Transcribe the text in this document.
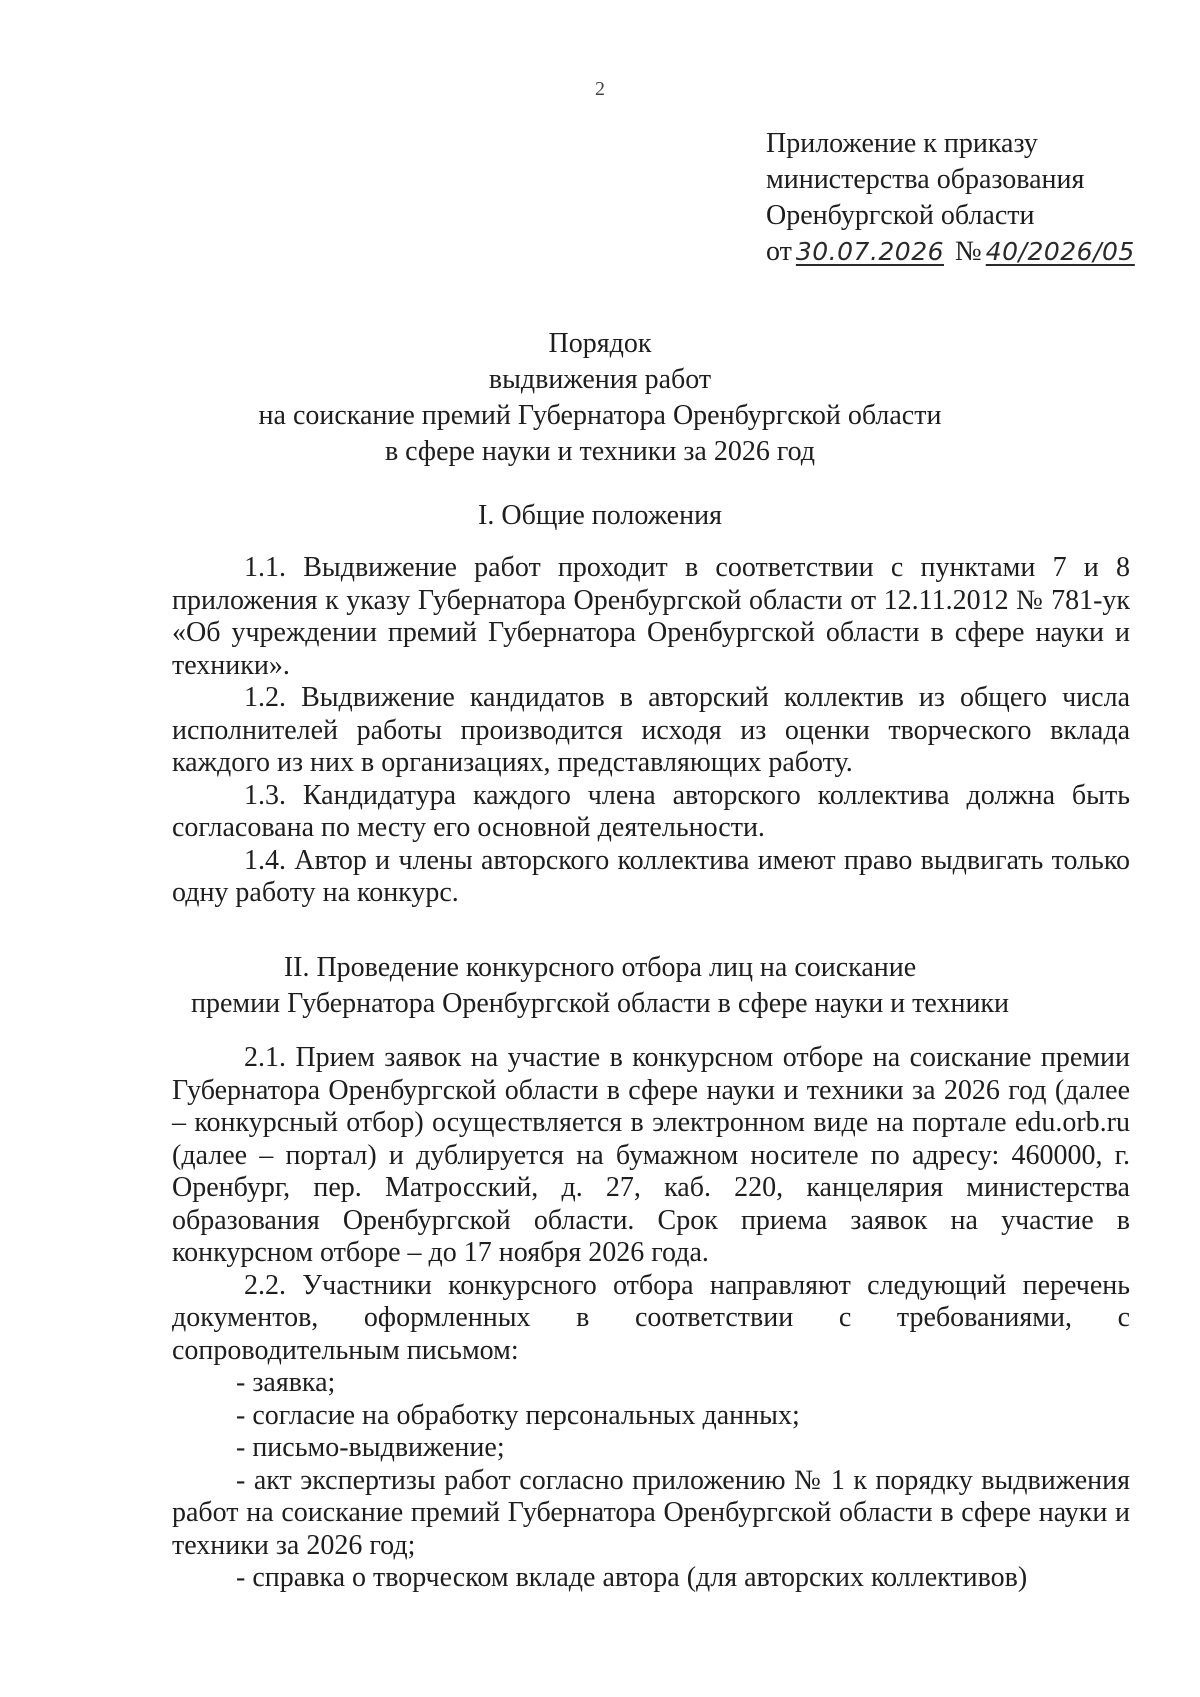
2
Приложение к приказу
министерства образования
Оренбургской области
от 30.07.2026 № 40/2026/05
Порядок
выдвижения работ
на соискание премий Губернатора Оренбургской области
в сфере науки и техники за 2026 год
I. Общие положения

1.1. Выдвижение работ проходит в соответствии с пунктами 7 и 8 приложения к указу Губернатора Оренбургской области от 12.11.2012 № 781-ук «Об учреждении премий Губернатора Оренбургской области в сфере науки и техники».

1.2. Выдвижение кандидатов в авторский коллектив из общего числа исполнителей работы производится исходя из оценки творческого вклада каждого из них в организациях, представляющих работу.

1.3. Кандидатура каждого члена авторского коллектива должна быть согласована по месту его основной деятельности.

1.4. Автор и члены авторского коллектива имеют право выдвигать только одну работу на конкурс.

II. Проведение конкурсного отбора лиц на соискание
премии Губернатора Оренбургской области в сфере науки и техники

2.1. Прием заявок на участие в конкурсном отборе на соискание премии Губернатора Оренбургской области в сфере науки и техники за 2026 год (далее – конкурсный отбор) осуществляется в электронном виде на портале edu.orb.ru (далее – портал) и дублируется на бумажном носителе по адресу: 460000, г. Оренбург, пер. Матросский, д. 27, каб. 220, канцелярия министерства образования Оренбургской области. Срок приема заявок на участие в конкурсном отборе – до 17 ноября 2026 года.

2.2. Участники конкурсного отбора направляют следующий перечень документов, оформленных в соответствии с требованиями, с сопроводительным письмом:

- заявка;

- согласие на обработку персональных данных;

- письмо-выдвижение;

- акт экспертизы работ согласно приложению № 1 к порядку выдвижения работ на соискание премий Губернатора Оренбургской области в сфере науки и техники за 2026 год;

- справка о творческом вкладе автора (для авторских коллективов)
